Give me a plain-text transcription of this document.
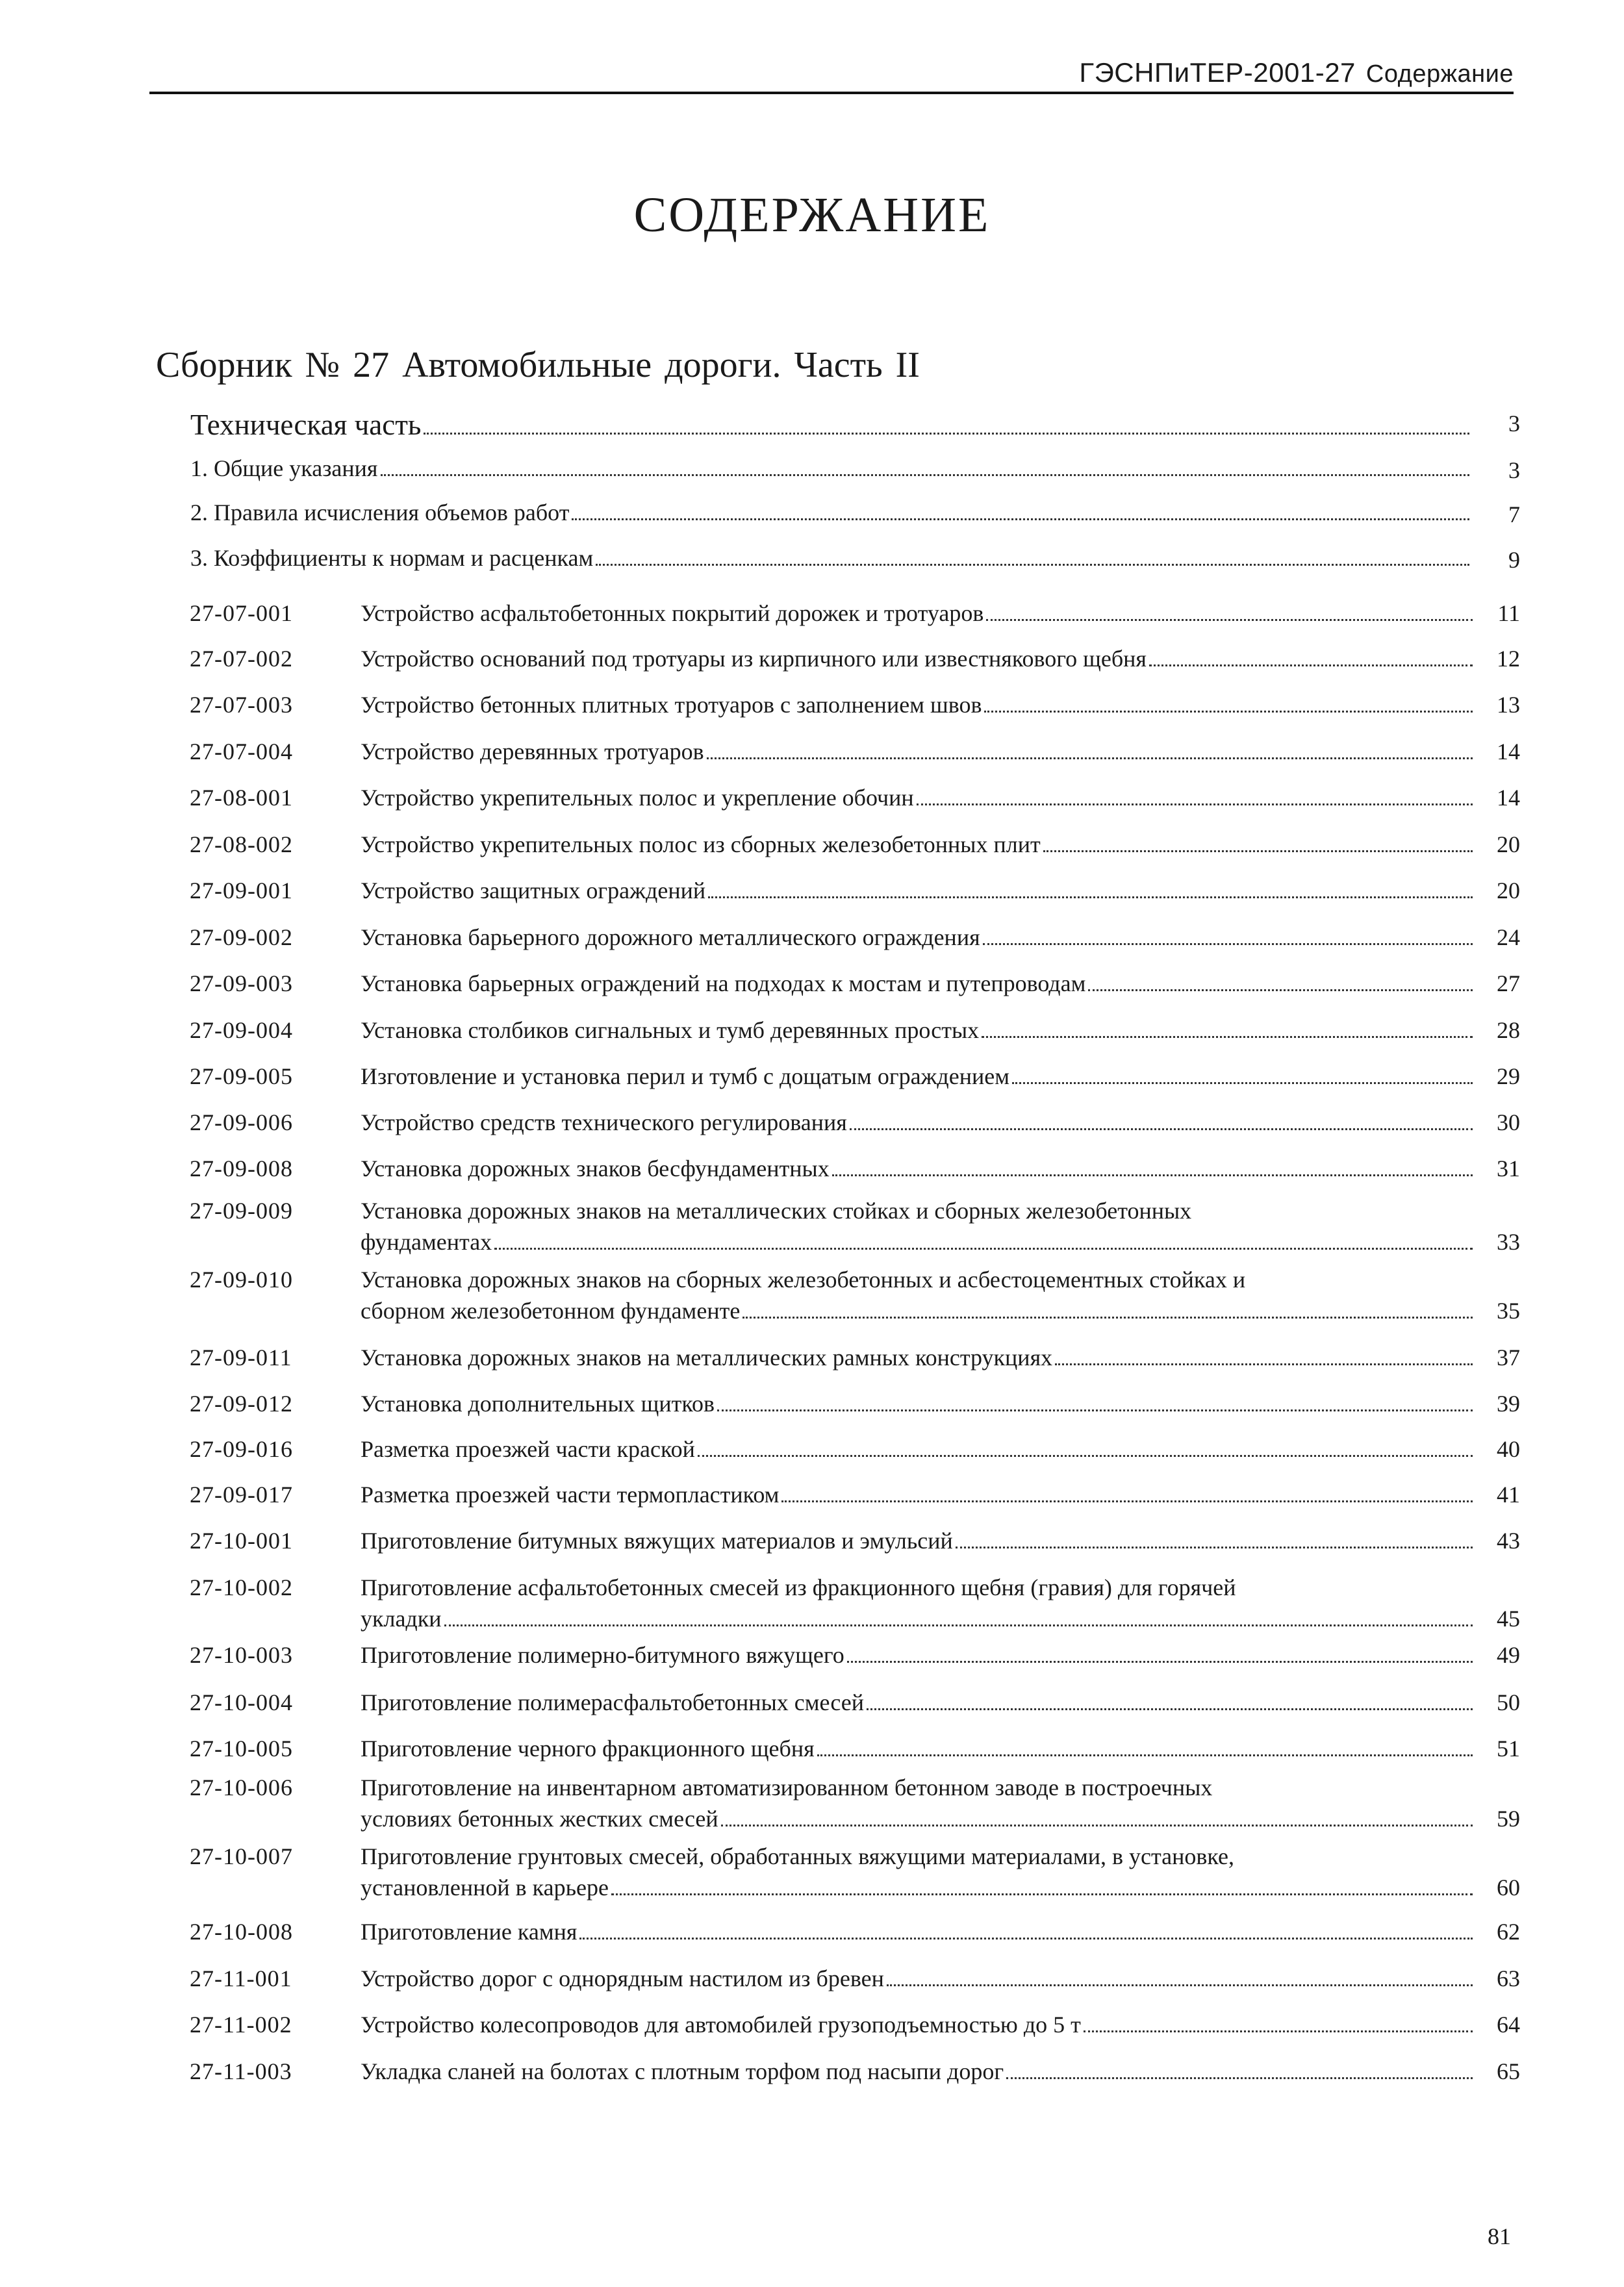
ГЭСНПиТЕР-2001-27 Содержание
СОДЕРЖАНИЕ
Сборник № 27 Автомобильные дороги. Часть II
Техническая часть	3
1. Общие указания	3
2. Правила исчисления объемов работ	7
3. Коэффициенты к нормам и расценкам	9
27-07-001	Устройство асфальтобетонных покрытий дорожек и тротуаров	11
27-07-002	Устройство оснований под тротуары из кирпичного или известнякового щебня	12
27-07-003	Устройство бетонных плитных тротуаров с заполнением швов	13
27-07-004	Устройство деревянных тротуаров	14
27-08-001	Устройство укрепительных полос и укрепление обочин	14
27-08-002	Устройство укрепительных полос из сборных железобетонных плит	20
27-09-001	Устройство защитных ограждений	20
27-09-002	Установка барьерного дорожного металлического ограждения	24
27-09-003	Установка барьерных ограждений на подходах к мостам и путепроводам	27
27-09-004	Установка столбиков сигнальных и тумб деревянных простых	28
27-09-005	Изготовление и установка перил и тумб с дощатым ограждением	29
27-09-006	Устройство средств технического регулирования	30
27-09-008	Установка дорожных знаков бесфундаментных	31
27-09-009	Установка дорожных знаков на металлических стойках и сборных железобетонных
фундаментах	33
27-09-010	Установка дорожных знаков на сборных железобетонных и асбестоцементных стойках и
сборном железобетонном фундаменте	35
27-09-011	Установка дорожных знаков на металлических рамных конструкциях	37
27-09-012	Установка дополнительных щитков	39
27-09-016	Разметка проезжей части краской	40
27-09-017	Разметка проезжей части термопластиком	41
27-10-001	Приготовление битумных вяжущих материалов и эмульсий	43
27-10-002	Приготовление асфальтобетонных смесей из фракционного щебня (гравия) для горячей
укладки	45
27-10-003	Приготовление полимерно-битумного вяжущего	49
27-10-004	Приготовление полимерасфальтобетонных смесей	50
27-10-005	Приготовление черного фракционного щебня	51
27-10-006	Приготовление на инвентарном автоматизированном бетонном заводе в построечных
условиях бетонных жестких смесей	59
27-10-007	Приготовление грунтовых смесей, обработанных вяжущими материалами, в установке,
установленной в карьере	60
27-10-008	Приготовление камня	62
27-11-001	Устройство дорог с однорядным настилом из бревен	63
27-11-002	Устройство колесопроводов для автомобилей грузоподъемностью до 5 т	64
27-11-003	Укладка сланей на болотах с плотным торфом под насыпи дорог	65
81
